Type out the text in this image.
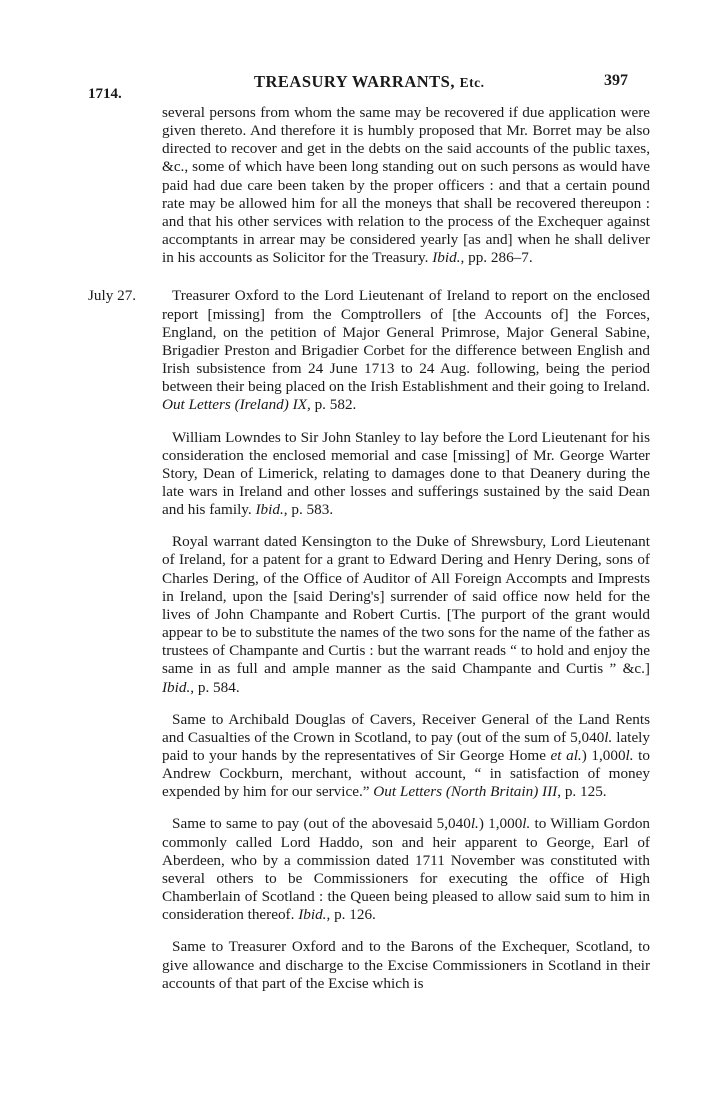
1714.
TREASURY WARRANTS, Etc.	397

several persons from whom the same may be recovered if due application were given thereto. And therefore it is humbly proposed that Mr. Borret may be also directed to recover and get in the debts on the said accounts of the public taxes, &c., some of which have been long standing out on such persons as would have paid had due care been taken by the proper officers : and that a certain pound rate may be allowed him for all the moneys that shall be recovered thereupon : and that his other services with relation to the process of the Exchequer against accomptants in arrear may be considered yearly [as and] when he shall deliver in his accounts as Solicitor for the Treasury. Ibid., pp. 286–7.

July 27.	Treasurer Oxford to the Lord Lieutenant of Ireland to report on the enclosed report [missing] from the Comptrollers of [the Accounts of] the Forces, England, on the petition of Major General Primrose, Major General Sabine, Brigadier Preston and Brigadier Corbet for the difference between English and Irish subsistence from 24 June 1713 to 24 Aug. following, being the period between their being placed on the Irish Establishment and their going to Ireland. Out Letters (Ireland) IX, p. 582.

William Lowndes to Sir John Stanley to lay before the Lord Lieutenant for his consideration the enclosed memorial and case [missing] of Mr. George Warter Story, Dean of Limerick, relating to damages done to that Deanery during the late wars in Ireland and other losses and sufferings sustained by the said Dean and his family. Ibid., p. 583.

Royal warrant dated Kensington to the Duke of Shrewsbury, Lord Lieutenant of Ireland, for a patent for a grant to Edward Dering and Henry Dering, sons of Charles Dering, of the Office of Auditor of All Foreign Accompts and Imprests in Ireland, upon the [said Dering's] surrender of said office now held for the lives of John Champante and Robert Curtis. [The purport of the grant would appear to be to substitute the names of the two sons for the name of the father as trustees of Champante and Curtis : but the warrant reads “ to hold and enjoy the same in as full and ample manner as the said Champante and Curtis ” &c.] Ibid., p. 584.

Same to Archibald Douglas of Cavers, Receiver General of the Land Rents and Casualties of the Crown in Scotland, to pay (out of the sum of 5,040l. lately paid to your hands by the representatives of Sir George Home et al.) 1,000l. to Andrew Cockburn, merchant, without account, “ in satisfaction of money expended by him for our service.” Out Letters (North Britain) III, p. 125.

Same to same to pay (out of the abovesaid 5,040l.) 1,000l. to William Gordon commonly called Lord Haddo, son and heir apparent to George, Earl of Aberdeen, who by a commission dated 1711 November was constituted with several others to be Commissioners for executing the office of High Chamberlain of Scotland : the Queen being pleased to allow said sum to him in consideration thereof. Ibid., p. 126.

Same to Treasurer Oxford and to the Barons of the Exchequer, Scotland, to give allowance and discharge to the Excise Commissioners in Scotland in their accounts of that part of the Excise which is
